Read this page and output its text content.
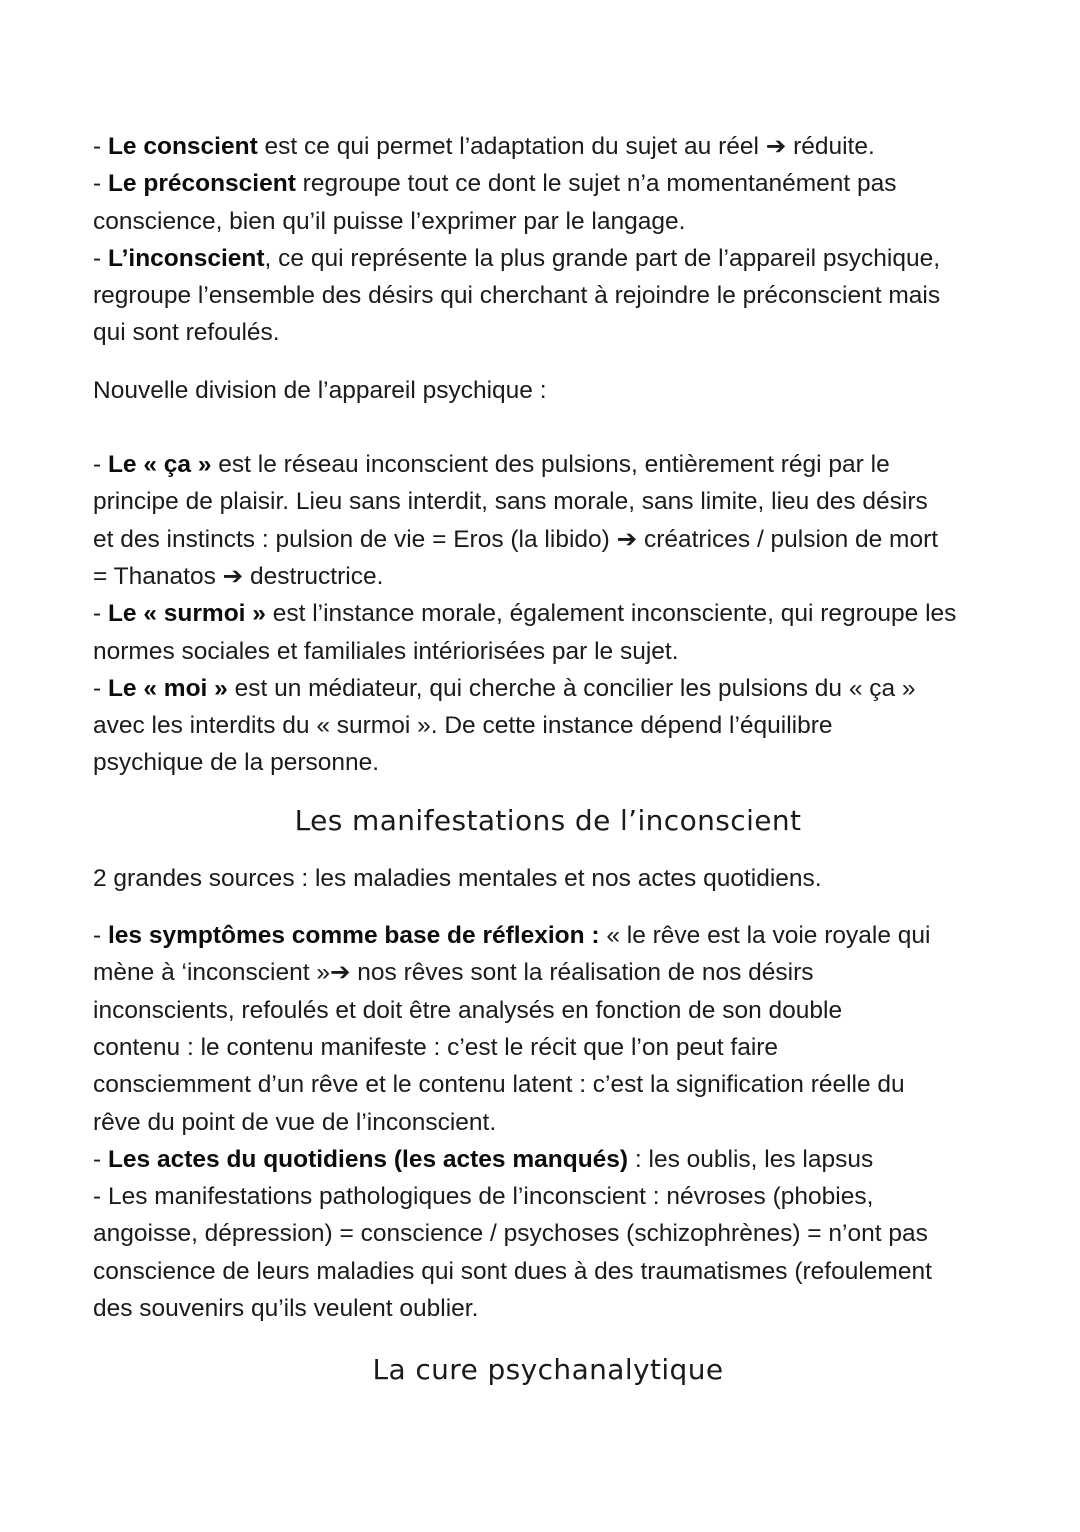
- Le conscient est ce qui permet l’adaptation du sujet au réel ➔ réduite.

- Le préconscient regroupe tout ce dont le sujet n’a momentanément pas
conscience, bien qu’il puisse l’exprimer par le langage.

- L’inconscient, ce qui représente la plus grande part de l’appareil psychique,
regroupe l’ensemble des désirs qui cherchant à rejoindre le préconscient mais
qui sont refoulés.

Nouvelle division de l’appareil psychique :

- Le « ça » est le réseau inconscient des pulsions, entièrement régi par le
principe de plaisir. Lieu sans interdit, sans morale, sans limite, lieu des désirs
et des instincts : pulsion de vie = Eros (la libido) ➔ créatrices / pulsion de mort
= Thanatos ➔ destructrice.

- Le « surmoi » est l’instance morale, également inconsciente, qui regroupe les
normes sociales et familiales intériorisées par le sujet.

- Le « moi » est un médiateur, qui cherche à concilier les pulsions du « ça »
avec les interdits du « surmoi ». De cette instance dépend l’équilibre
psychique de la personne.

Les manifestations de l’inconscient

2 grandes sources : les maladies mentales et nos actes quotidiens.

- les symptômes comme base de réflexion : « le rêve est la voie royale qui
mène à ‘inconscient »➔ nos rêves sont la réalisation de nos désirs
inconscients, refoulés et doit être analysés en fonction de son double
contenu : le contenu manifeste : c’est le récit que l’on peut faire
consciemment d’un rêve et le contenu latent : c’est la signification réelle du
rêve du point de vue de l’inconscient.

- Les actes du quotidiens (les actes manqués) : les oublis, les lapsus

- Les manifestations pathologiques de l’inconscient : névroses (phobies,
angoisse, dépression) = conscience / psychoses (schizophrènes) = n’ont pas
conscience de leurs maladies qui sont dues à des traumatismes (refoulement
des souvenirs qu’ils veulent oublier.

La cure psychanalytique
